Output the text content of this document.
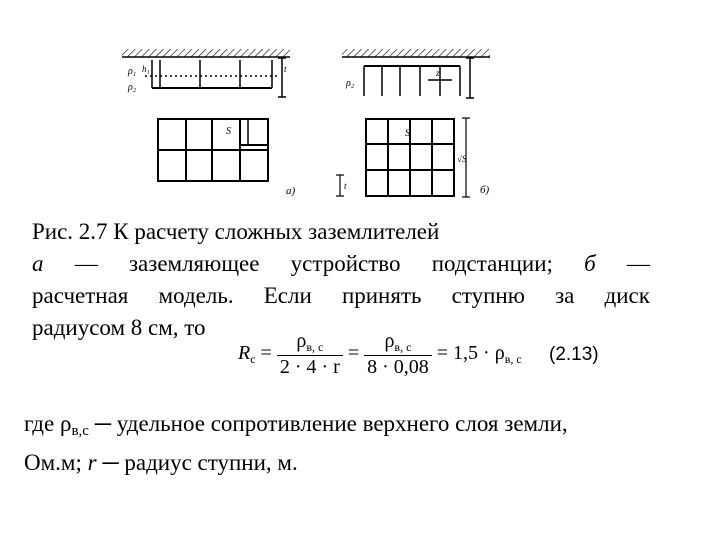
ρ₁
ρ₂
h₁	t
S
а)
ρ₂
z
S
√S
t	б)
Рис. 2.7 К расчету сложных заземлителей
а — заземляющее устройство подстанции; б —
расчетная модель. Если принять ступню за диск
радиусом 8 см, то
$R_с = \frac{\rho_{в, с}}{2 \cdot 4 \cdot r} = \frac{\rho_{в, с}}{8 \cdot 0,08} = 1,5 \cdot \rho_{в, с}$	(2.13)
где $\rho_{в,с}$ ─ удельное сопротивление верхнего слоя земли,
Ом.м; r ─ радиус ступни, м.
